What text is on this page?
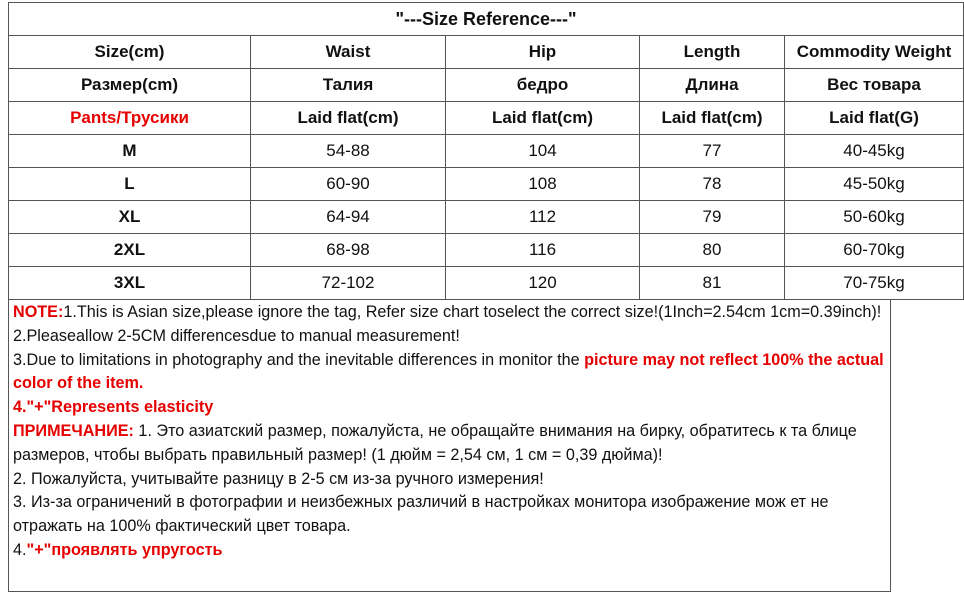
"---Size Reference---"				
Size(cm)	Waist	Hip	Length	Commodity Weight
Размер(cm)	Талия	бедро	Длина	Вес товара
Pants/Трусики	Laid flat(cm)	Laid flat(cm)	Laid flat(cm)	Laid flat(G)
M	54-88	104	77	40-45kg
L	60-90	108	78	45-50kg
XL	64-94	112	79	50-60kg
2XL	68-98	116	80	60-70kg
3XL	72-102	120	81	70-75kg

NOTE:1.This is Asian size,please ignore the tag, Refer size chart toselect the correct size!(1Inch=2.54cm 1cm=0.39inch)!

2.Pleaseallow 2-5CM differencesdue to manual measurement!

3.Due to limitations in photography and the inevitable differences in monitor the picture may not reflect 100% the actual color of the item.

4."+"Represents elasticity

ПРИМЕЧАНИЕ: 1. Это азиатский размер, пожалуйста, не обращайте внимания на бирку, обратитесь к та блице размеров, чтобы выбрать правильный размер! (1 дюйм = 2,54 см, 1 см = 0,39 дюйма)!

2. Пожалуйста, учитывайте разницу в 2-5 см из-за ручного измерения!

3. Из-за ограничений в фотографии и неизбежных различий в настройках монитора изображение мож ет не отражать на 100% фактический цвет товара.

4."+"проявлять упругость
